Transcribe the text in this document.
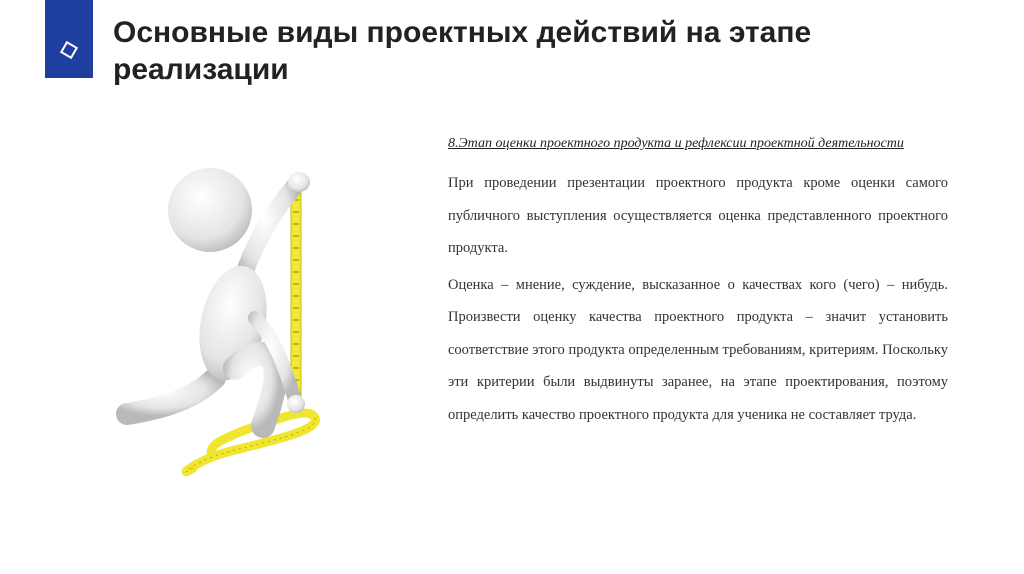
Основные виды проектных действий на этапе реализации

8.Этап оценки проектного продукта и рефлексии проектной деятельности

При проведении презентации проектного продукта кроме оценки самого публичного выступления осуществляется оценка представленного проектного продукта.

Оценка – мнение, суждение, высказанное о качествах кого (чего) – нибудь. Произвести оценку качества проектного продукта – значит установить соответствие этого продукта определенным требованиям, критериям. Поскольку эти критерии были выдвинуты заранее, на этапе проектирования, поэтому определить качество проектного продукта для ученика не составляет труда.
